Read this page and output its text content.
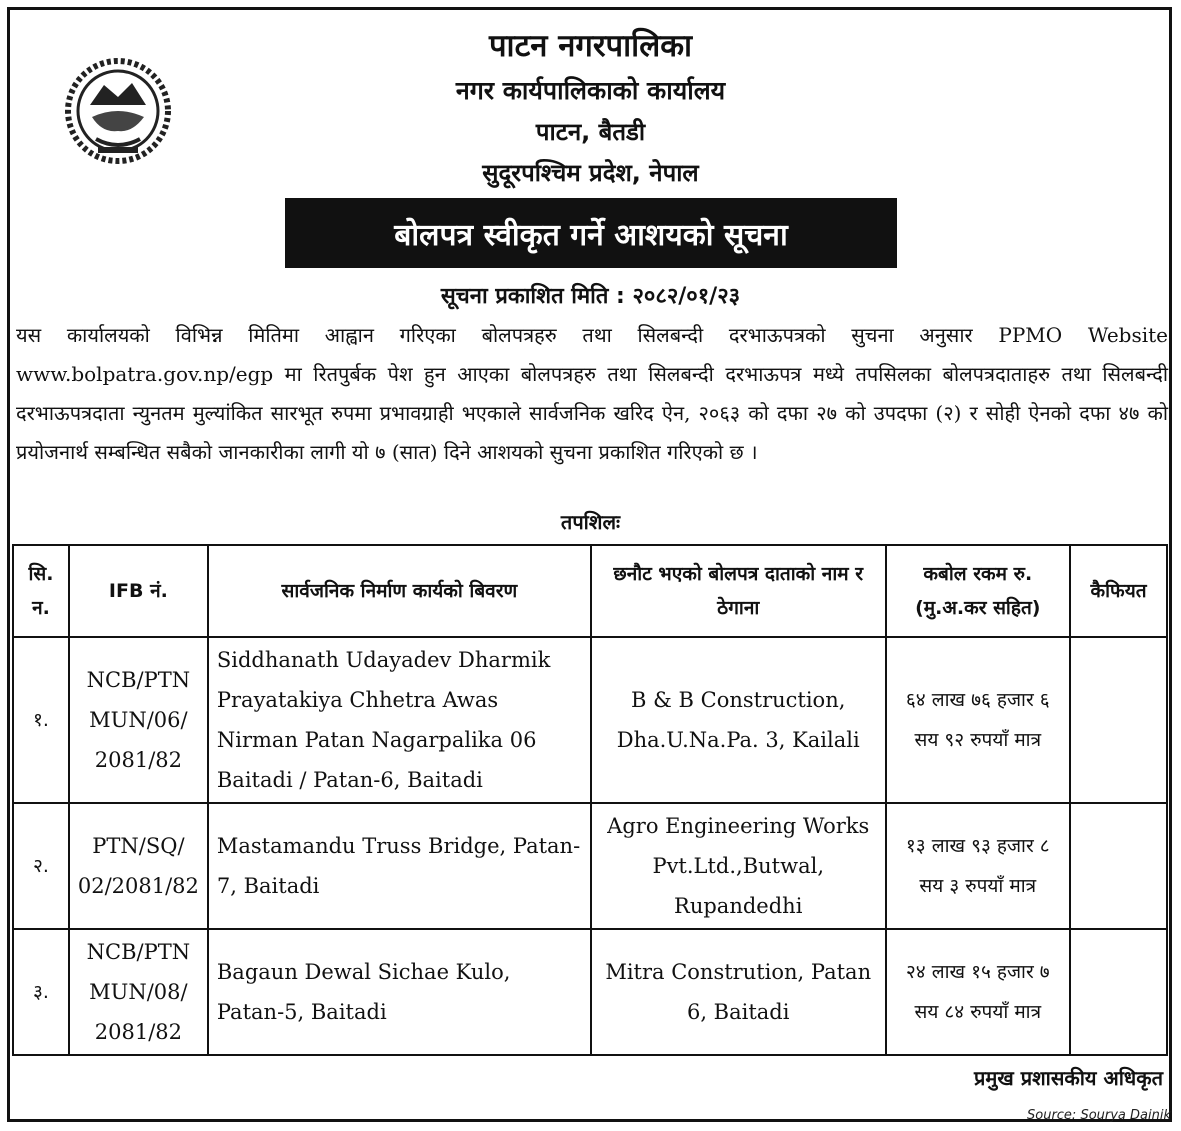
पाटन नगरपालिका
नगर कार्यपालिकाको कार्यालय
पाटन, बैतडी
सुदूरपश्चिम प्रदेश, नेपाल
बोलपत्र स्वीकृत गर्ने आशयको सूचना
सूचना प्रकाशित मिति : २०८२/०१/२३
यस कार्यालयको विभिन्न मितिमा आह्वान गरिएका बोलपत्रहरु तथा सिलबन्दी दरभाऊपत्रको सुचना अनुसार PPMO Website www.bolpatra.gov.np/egp मा रितपुर्बक पेश हुन आएका बोलपत्रहरु तथा सिलबन्दी दरभाऊपत्र मध्ये तपसिलका बोलपत्रदाताहरु तथा सिलबन्दी दरभाऊपत्रदाता न्युनतम मुल्यांकित सारभूत रुपमा प्रभावग्राही भएकाले सार्वजनिक खरिद ऐन, २०६३ को दफा २७ को उपदफा (२) र सोही ऐनको दफा ४७ को प्रयोजनार्थ सम्बन्धित सबैको जानकारीका लागी यो ७ (सात) दिने आशयको सुचना प्रकाशित गरिएको छ ।
तपशिलः
सि. न.	IFB नं.	सार्वजनिक निर्माण कार्यको बिवरण	छनौट भएको बोलपत्र दाताको नाम र ठेगाना	कबोल रकम रु. (मु.अ.कर सहित)	कैफियत
१.	NCB/PTN MUN/06/ 2081/82	Siddhanath Udayadev Dharmik Prayatakiya Chhetra Awas Nirman Patan Nagarpalika 06 Baitadi / Patan-6, Baitadi	B & B Construction, Dha.U.Na.Pa. 3, Kailali	६४ लाख ७६ हजार ६ सय ९२ रुपयाँ मात्र	
२.	PTN/SQ/ 02/2081/82	Mastamandu Truss Bridge, Patan-7, Baitadi	Agro Engineering Works Pvt.Ltd.,Butwal, Rupandedhi	१३ लाख ९३ हजार ८ सय ३ रुपयाँ मात्र	
३.	NCB/PTN MUN/08/ 2081/82	Bagaun Dewal Sichae Kulo, Patan-5, Baitadi	Mitra Constrution, Patan 6, Baitadi	२४ लाख १५ हजार ७ सय ८४ रुपयाँ मात्र	
प्रमुख प्रशासकीय अधिकृत
Source: Sourya Dainik
